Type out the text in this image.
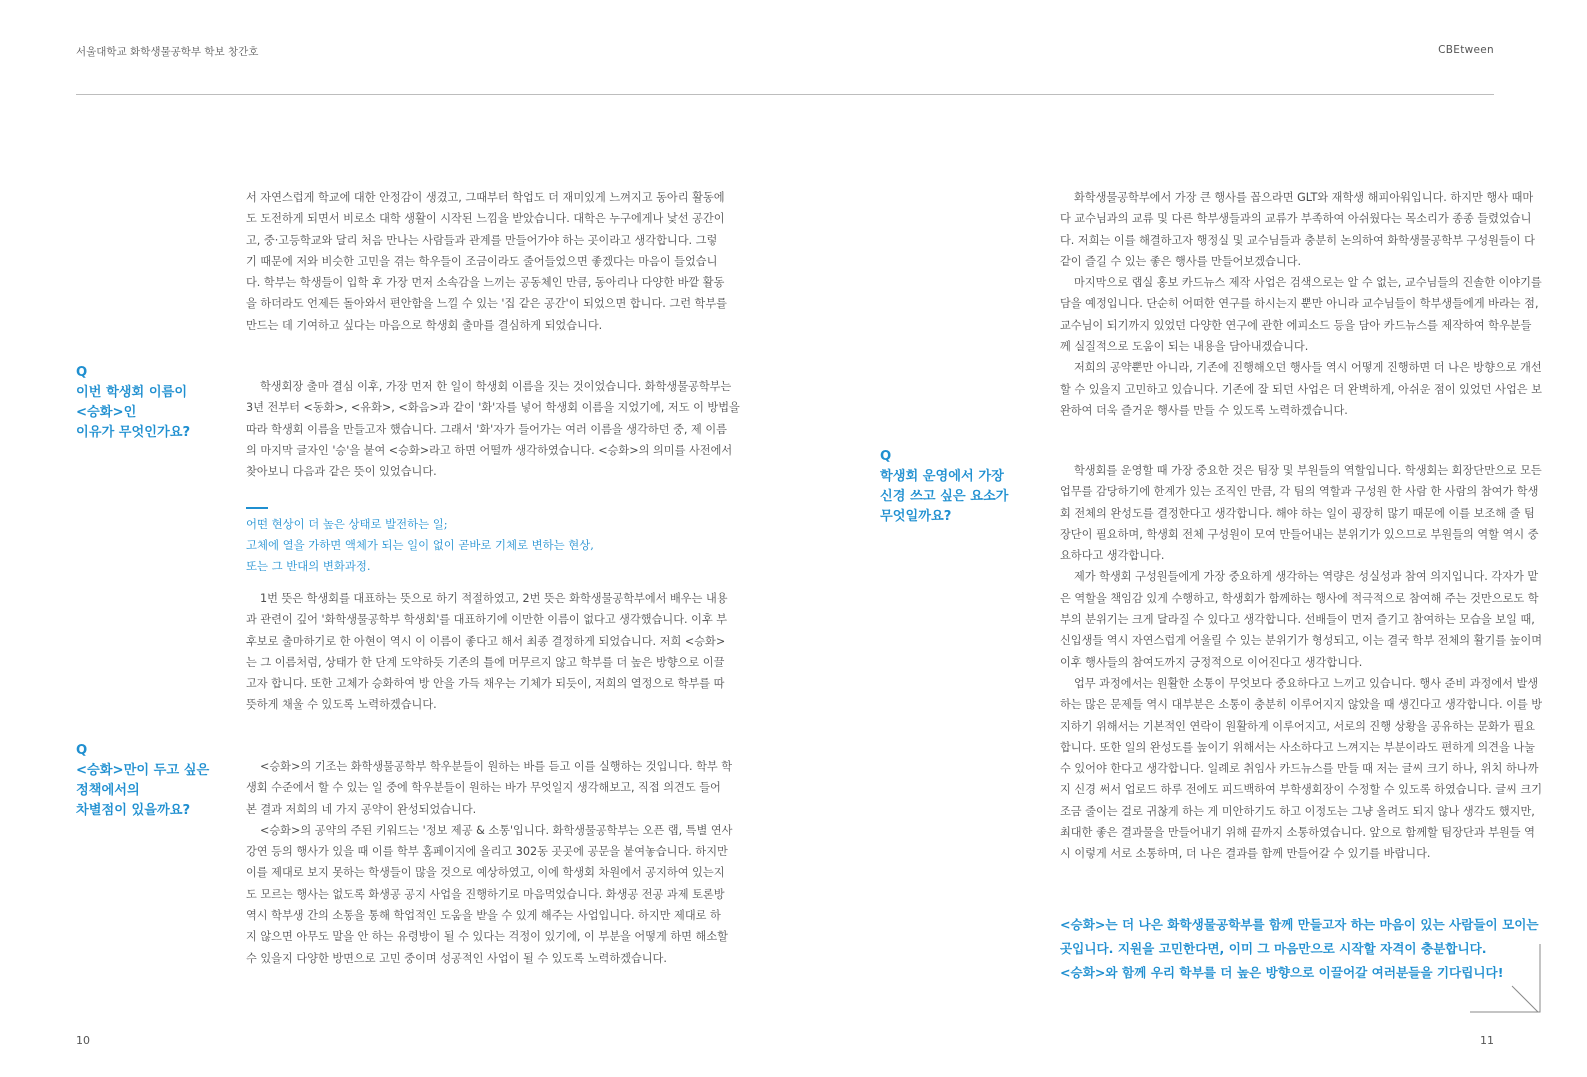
서울대학교 화학생물공학부 학보 창간호	CBEtween

서 자연스럽게 학교에 대한 안정감이 생겼고, 그때부터 학업도 더 재미있게 느껴지고 동아리 활동에
도 도전하게 되면서 비로소 대학 생활이 시작된 느낌을 받았습니다. 대학은 누구에게나 낯선 공간이
고, 중·고등학교와 달리 처음 만나는 사람들과 관계를 만들어가야 하는 곳이라고 생각합니다. 그렇
기 때문에 저와 비슷한 고민을 겪는 학우들이 조금이라도 줄어들었으면 좋겠다는 마음이 들었습니
다. 학부는 학생들이 입학 후 가장 먼저 소속감을 느끼는 공동체인 만큼, 동아리나 다양한 바깥 활동
을 하더라도 언제든 돌아와서 편안함을 느낄 수 있는 '집 같은 공간'이 되었으면 합니다. 그런 학부를
만드는 데 기여하고 싶다는 마음으로 학생회 출마를 결심하게 되었습니다.

Q
이번 학생회 이름이
<승화>인
이유가 무엇인가요?

학생회장 출마 결심 이후, 가장 먼저 한 일이 학생회 이름을 짓는 것이었습니다. 화학생물공학부는
3년 전부터 <동화>, <유화>, <화음>과 같이 '화'자를 넣어 학생회 이름을 지었기에, 저도 이 방법을
따라 학생회 이름을 만들고자 했습니다. 그래서 '화'자가 들어가는 여러 이름을 생각하던 중, 제 이름
의 마지막 글자인 '승'을 붙여 <승화>라고 하면 어떨까 생각하였습니다. <승화>의 의미를 사전에서
찾아보니 다음과 같은 뜻이 있었습니다.

어떤 현상이 더 높은 상태로 발전하는 일;
고체에 열을 가하면 액체가 되는 일이 없이 곧바로 기체로 변하는 현상,
또는 그 반대의 변화과정.

1번 뜻은 학생회를 대표하는 뜻으로 하기 적절하였고, 2번 뜻은 화학생물공학부에서 배우는 내용
과 관련이 깊어 '화학생물공학부 학생회'를 대표하기에 이만한 이름이 없다고 생각했습니다. 이후 부
후보로 출마하기로 한 아현이 역시 이 이름이 좋다고 해서 최종 결정하게 되었습니다. 저희 <승화>
는 그 이름처럼, 상태가 한 단계 도약하듯 기존의 틀에 머무르지 않고 학부를 더 높은 방향으로 이끌
고자 합니다. 또한 고체가 승화하여 방 안을 가득 채우는 기체가 되듯이, 저희의 열정으로 학부를 따
뜻하게 채울 수 있도록 노력하겠습니다.

Q
<승화>만이 두고 싶은
정책에서의
차별점이 있을까요?

<승화>의 기조는 화학생물공학부 학우분들이 원하는 바를 듣고 이를 실행하는 것입니다. 학부 학
생회 수준에서 할 수 있는 일 중에 학우분들이 원하는 바가 무엇일지 생각해보고, 직접 의견도 들어
본 결과 저희의 네 가지 공약이 완성되었습니다.

<승화>의 공약의 주된 키워드는 '정보 제공 & 소통'입니다. 화학생물공학부는 오픈 랩, 특별 연사
강연 등의 행사가 있을 때 이를 학부 홈페이지에 올리고 302동 곳곳에 공문을 붙여놓습니다. 하지만
이를 제대로 보지 못하는 학생들이 많을 것으로 예상하였고, 이에 학생회 차원에서 공지하여 있는지
도 모르는 행사는 없도록 화생공 공지 사업을 진행하기로 마음먹었습니다. 화생공 전공 과제 토론방
역시 학부생 간의 소통을 통해 학업적인 도움을 받을 수 있게 해주는 사업입니다. 하지만 제대로 하
지 않으면 아무도 말을 안 하는 유령방이 될 수 있다는 걱정이 있기에, 이 부분을 어떻게 하면 해소할
수 있을지 다양한 방면으로 고민 중이며 성공적인 사업이 될 수 있도록 노력하겠습니다.

화학생물공학부에서 가장 큰 행사를 꼽으라면 GLT와 재학생 해피아워입니다. 하지만 행사 때마
다 교수님과의 교류 및 다른 학부생들과의 교류가 부족하여 아쉬웠다는 목소리가 종종 들렸었습니
다. 저희는 이를 해결하고자 행정실 및 교수님들과 충분히 논의하여 화학생물공학부 구성원들이 다
같이 즐길 수 있는 좋은 행사를 만들어보겠습니다.

마지막으로 랩실 홍보 카드뉴스 제작 사업은 검색으로는 알 수 없는, 교수님들의 진솔한 이야기를
담을 예정입니다. 단순히 어떠한 연구를 하시는지 뿐만 아니라 교수님들이 학부생들에게 바라는 점,
교수님이 되기까지 있었던 다양한 연구에 관한 에피소드 등을 담아 카드뉴스를 제작하여 학우분들
께 실질적으로 도움이 되는 내용을 담아내겠습니다.

저희의 공약뿐만 아니라, 기존에 진행해오던 행사들 역시 어떻게 진행하면 더 나은 방향으로 개선
할 수 있을지 고민하고 있습니다. 기존에 잘 되던 사업은 더 완벽하게, 아쉬운 점이 있었던 사업은 보
완하여 더욱 즐거운 행사를 만들 수 있도록 노력하겠습니다.

Q
학생회 운영에서 가장
신경 쓰고 싶은 요소가
무엇일까요?

학생회를 운영할 때 가장 중요한 것은 팀장 및 부원들의 역할입니다. 학생회는 회장단만으로 모든
업무를 감당하기에 한계가 있는 조직인 만큼, 각 팀의 역할과 구성원 한 사람 한 사람의 참여가 학생
회 전체의 완성도를 결정한다고 생각합니다. 해야 하는 일이 굉장히 많기 때문에 이를 보조해 줄 팀
장단이 필요하며, 학생회 전체 구성원이 모여 만들어내는 분위기가 있으므로 부원들의 역할 역시 중
요하다고 생각합니다.

제가 학생회 구성원들에게 가장 중요하게 생각하는 역량은 성실성과 참여 의지입니다. 각자가 맡
은 역할을 책임감 있게 수행하고, 학생회가 함께하는 행사에 적극적으로 참여해 주는 것만으로도 학
부의 분위기는 크게 달라질 수 있다고 생각합니다. 선배들이 먼저 즐기고 참여하는 모습을 보일 때,
신입생들 역시 자연스럽게 어울릴 수 있는 분위기가 형성되고, 이는 결국 학부 전체의 활기를 높이며
이후 행사들의 참여도까지 긍정적으로 이어진다고 생각합니다.

업무 과정에서는 원활한 소통이 무엇보다 중요하다고 느끼고 있습니다. 행사 준비 과정에서 발생
하는 많은 문제들 역시 대부분은 소통이 충분히 이루어지지 않았을 때 생긴다고 생각합니다. 이를 방
지하기 위해서는 기본적인 연락이 원활하게 이루어지고, 서로의 진행 상황을 공유하는 문화가 필요
합니다. 또한 일의 완성도를 높이기 위해서는 사소하다고 느껴지는 부분이라도 편하게 의견을 나눌
수 있어야 한다고 생각합니다. 일례로 취임사 카드뉴스를 만들 때 저는 글씨 크기 하나, 위치 하나까
지 신경 써서 업로드 하루 전에도 피드백하여 부학생회장이 수정할 수 있도록 하였습니다. 글씨 크기
조금 줄이는 걸로 귀찮게 하는 게 미안하기도 하고 이정도는 그냥 올려도 되지 않나 생각도 했지만,
최대한 좋은 결과물을 만들어내기 위해 끝까지 소통하였습니다. 앞으로 함께할 팀장단과 부원들 역
시 이렇게 서로 소통하며, 더 나은 결과를 함께 만들어갈 수 있기를 바랍니다.

<승화>는 더 나은 화학생물공학부를 함께 만들고자 하는 마음이 있는 사람들이 모이는
곳입니다. 지원을 고민한다면, 이미 그 마음만으로 시작할 자격이 충분합니다.
<승화>와 함께 우리 학부를 더 높은 방향으로 이끌어갈 여러분들을 기다립니다!
10	11
